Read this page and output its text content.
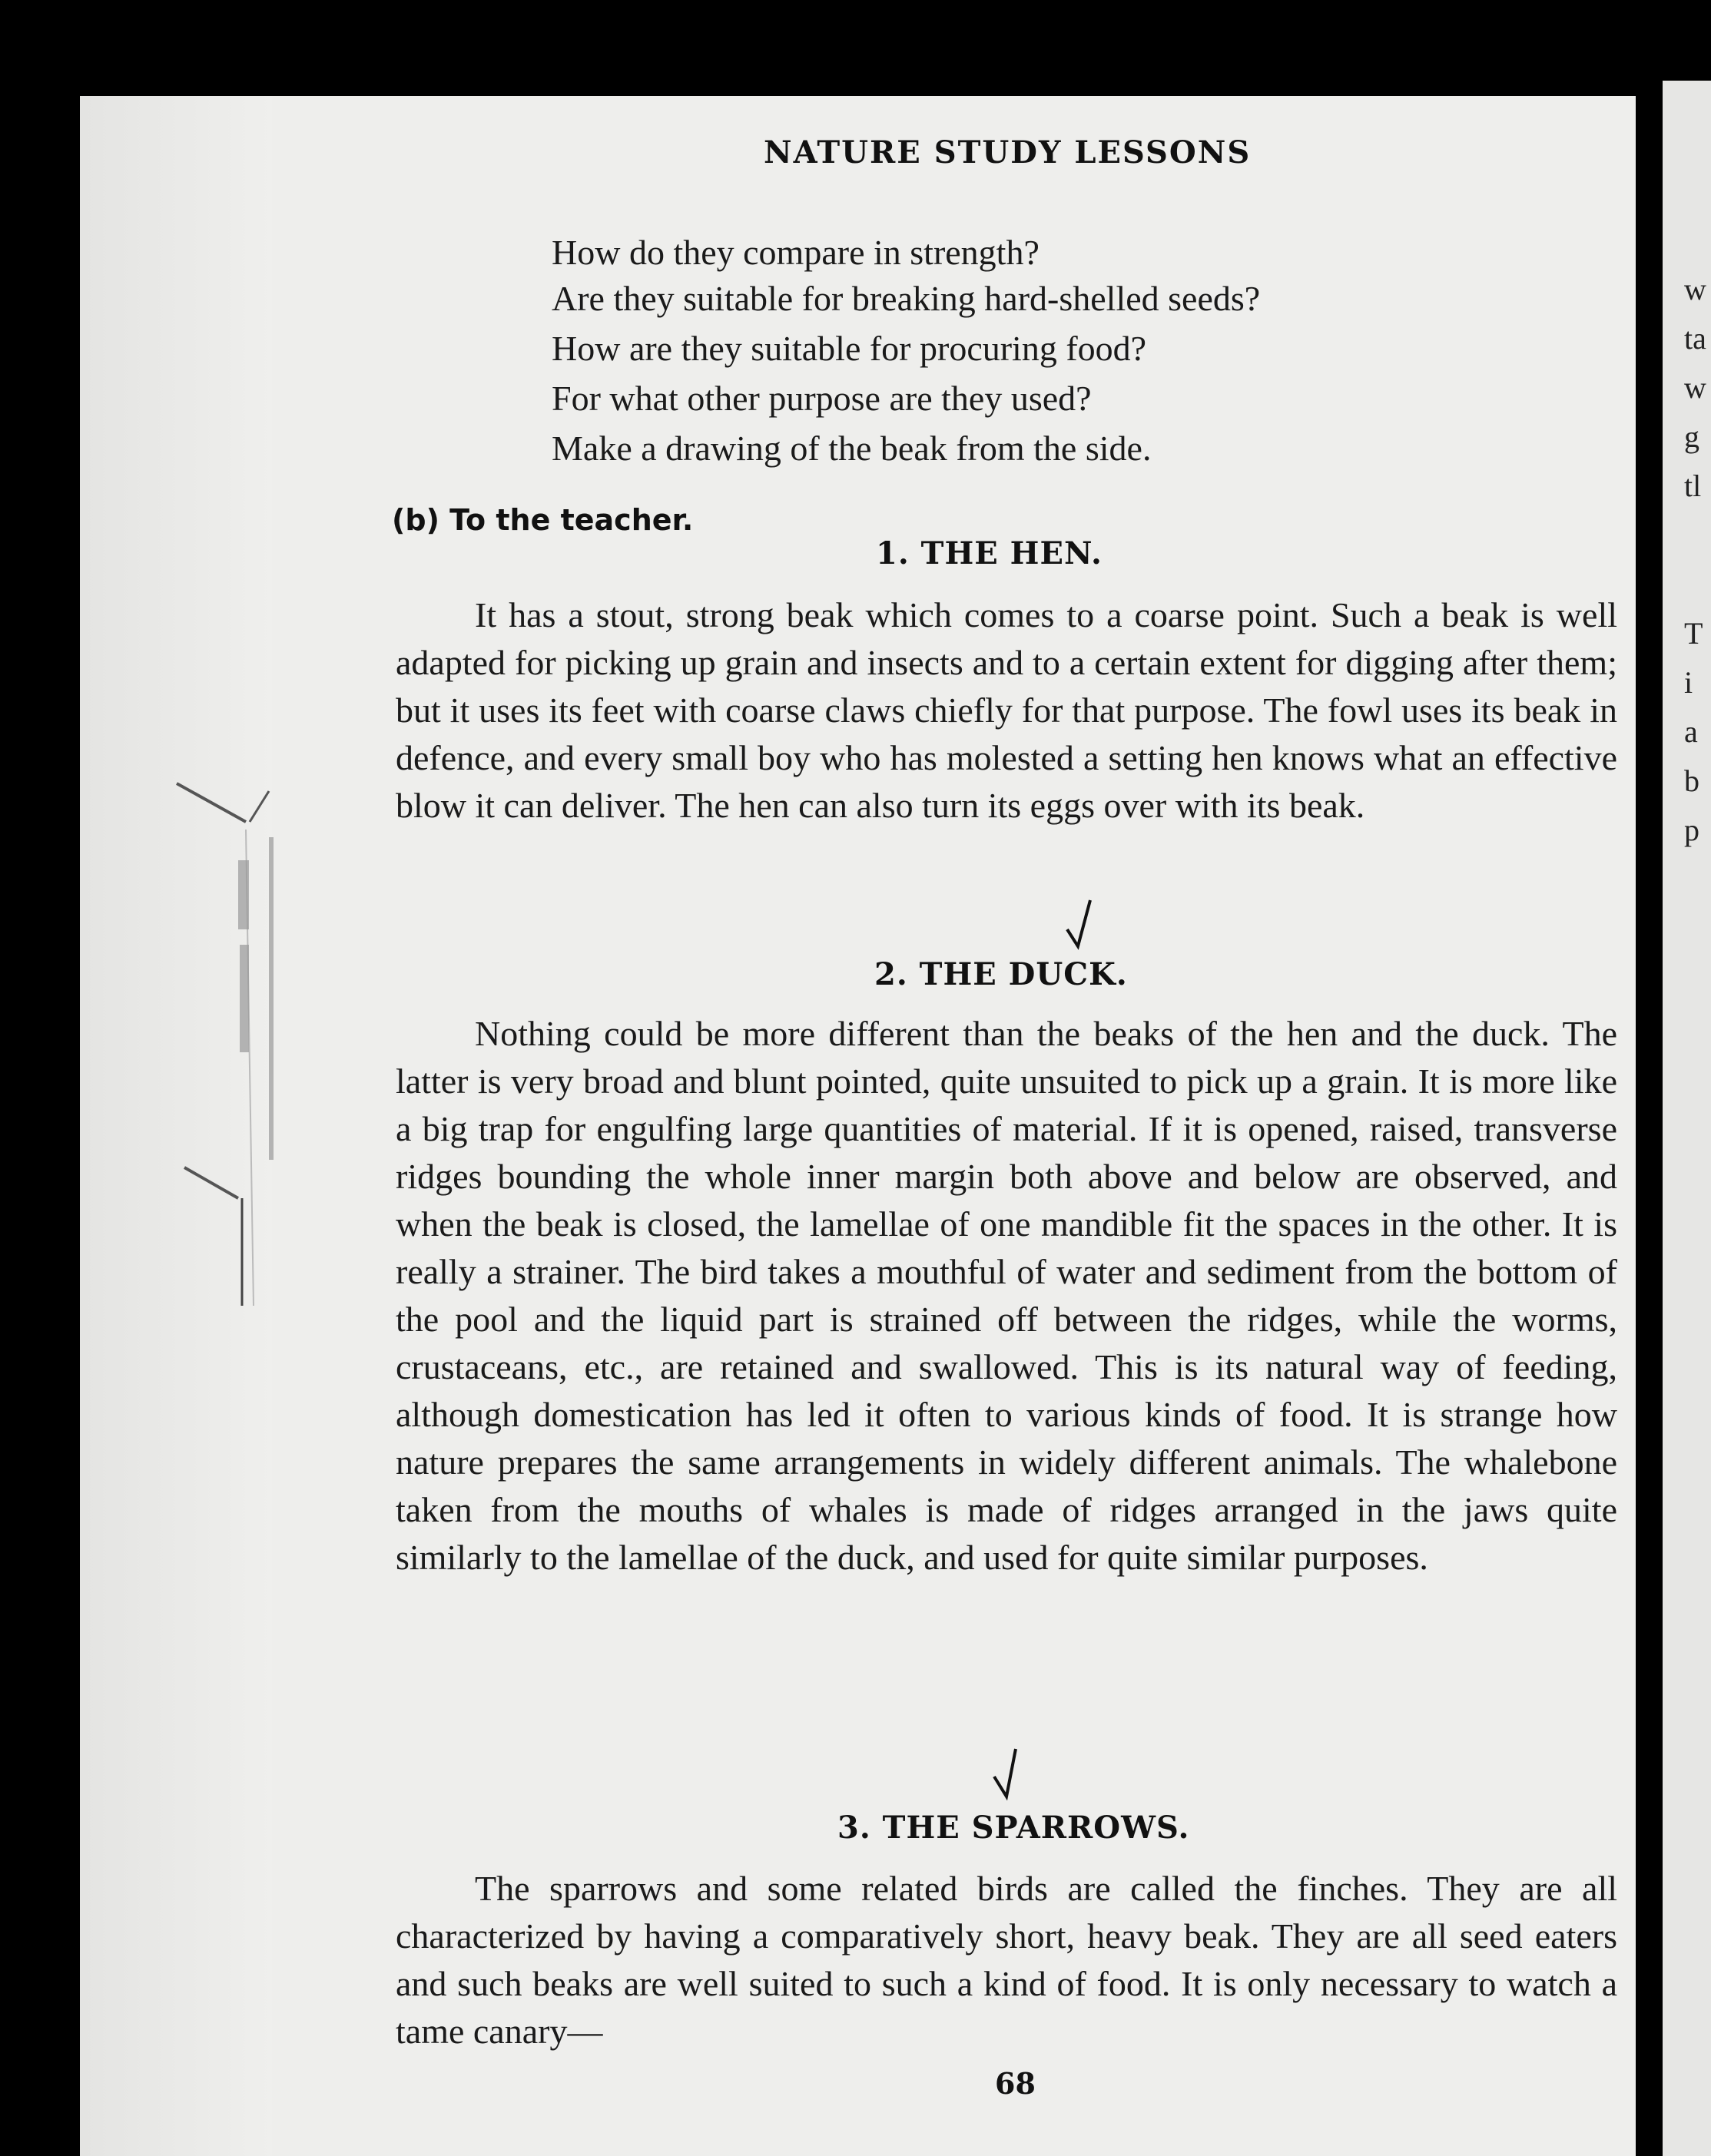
w
ta
w
g
tl
T
i
a
b
p
NATURE STUDY LESSONS
How do they compare in strength?
Are they suitable for breaking hard-shelled seeds?
How are they suitable for procuring food?
For what other purpose are they used?
Make a drawing of the beak from the side.
(b) To the teacher.
1. THE HEN.

It has a stout, strong beak which comes to a coarse point. Such a beak is well adapted for picking up grain and insects and to a certain extent for digging after them; but it uses its feet with coarse claws chiefly for that purpose. The fowl uses its beak in defence, and every small boy who has molested a setting hen knows what an effective blow it can deliver. The hen can also turn its eggs over with its beak.

2. THE DUCK.

Nothing could be more different than the beaks of the hen and the duck. The latter is very broad and blunt pointed, quite unsuited to pick up a grain. It is more like a big trap for engulfing large quantities of material. If it is opened, raised, transverse ridges bounding the whole inner margin both above and below are observed, and when the beak is closed, the lamellae of one mandible fit the spaces in the other. It is really a strainer. The bird takes a mouthful of water and sediment from the bottom of the pool and the liquid part is strained off between the ridges, while the worms, crustaceans, etc., are retained and swallowed. This is its natural way of feeding, although domestication has led it often to various kinds of food. It is strange how nature prepares the same arrangements in widely different animals. The whalebone taken from the mouths of whales is made of ridges arranged in the jaws quite similarly to the lamellae of the duck, and used for quite similar purposes.

3. THE SPARROWS.

The sparrows and some related birds are called the finches. They are all characterized by having a comparatively short, heavy beak. They are all seed eaters and such beaks are well suited to such a kind of food. It is only necessary to watch a tame canary—

68
